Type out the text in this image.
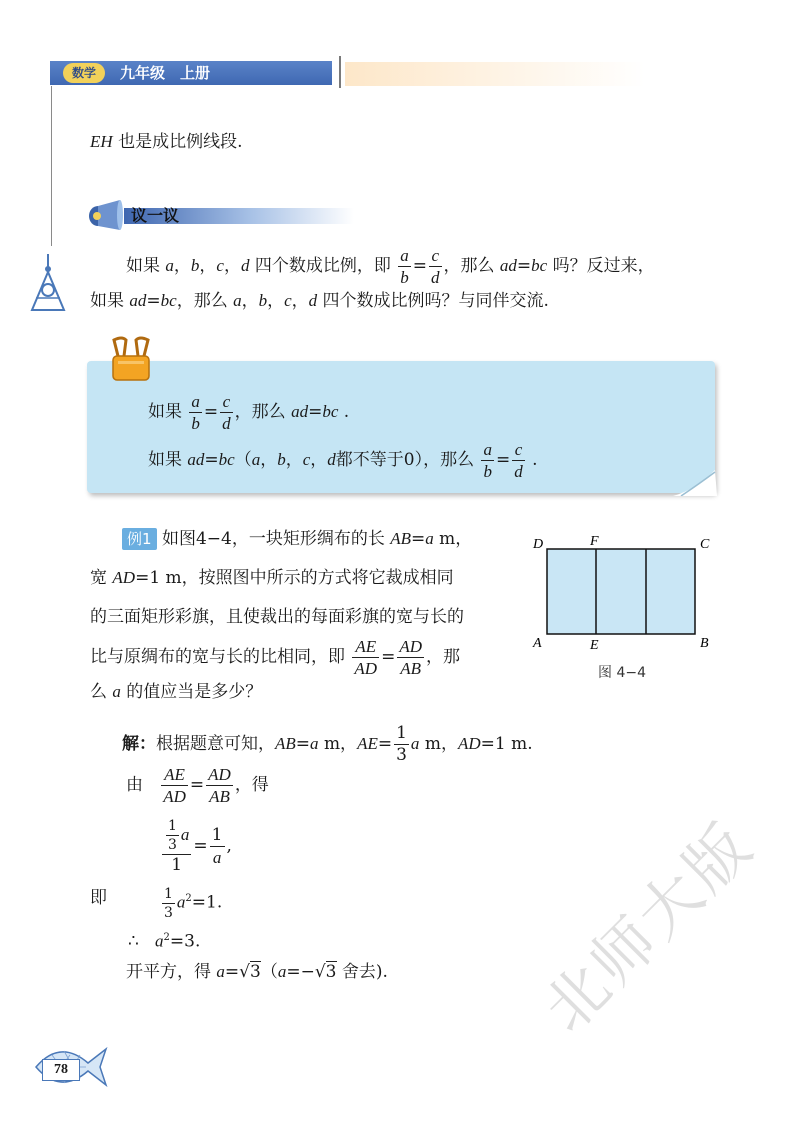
数学	九年级　上册
EH 也是成比例线段.
议一议
如果 a，b，c，d 四个数成比例，即 $\frac{a}{b} = \frac{c}{d}$ ，那么 ad=bc 吗？反过来，
如果 ad=bc，那么 a，b，c，d 四个数成比例吗？与同伴交流.
如果 $\frac{a}{b} = \frac{c}{d}$ ，那么 ad=bc .
如果 ad=bc（a，b，c，d都不等于0），那么 $\frac{a}{b} = \frac{c}{d}$ .
例1 如图4−4，一块矩形绸布的长 AB=a m，
宽 AD=1 m，按照图中所示的方式将它裁成相同
的三面矩形彩旗，且使裁出的每面彩旗的宽与长的
比与原绸布的宽与长的比相同，即 $\frac{AE}{AD} = \frac{AD}{AB}$ ，那
么 a 的值应当是多少？
D	F	C
A	E	B
图 4−4
解：根据题意可知，AB=a m，$AE= \frac{1}{3}$ a m，AD=1 m.
由 $\frac{AE}{AD} = \frac{AD}{AB}$ ，得
$\frac{\frac{1}{3} a}{1} = \frac{1}{a}$ ,
即	$\frac{1}{3} a^2=1$.
∴ $a^2=3$.
开平方，得 a=√3（a=−√3 舍去).
78
北师大版
